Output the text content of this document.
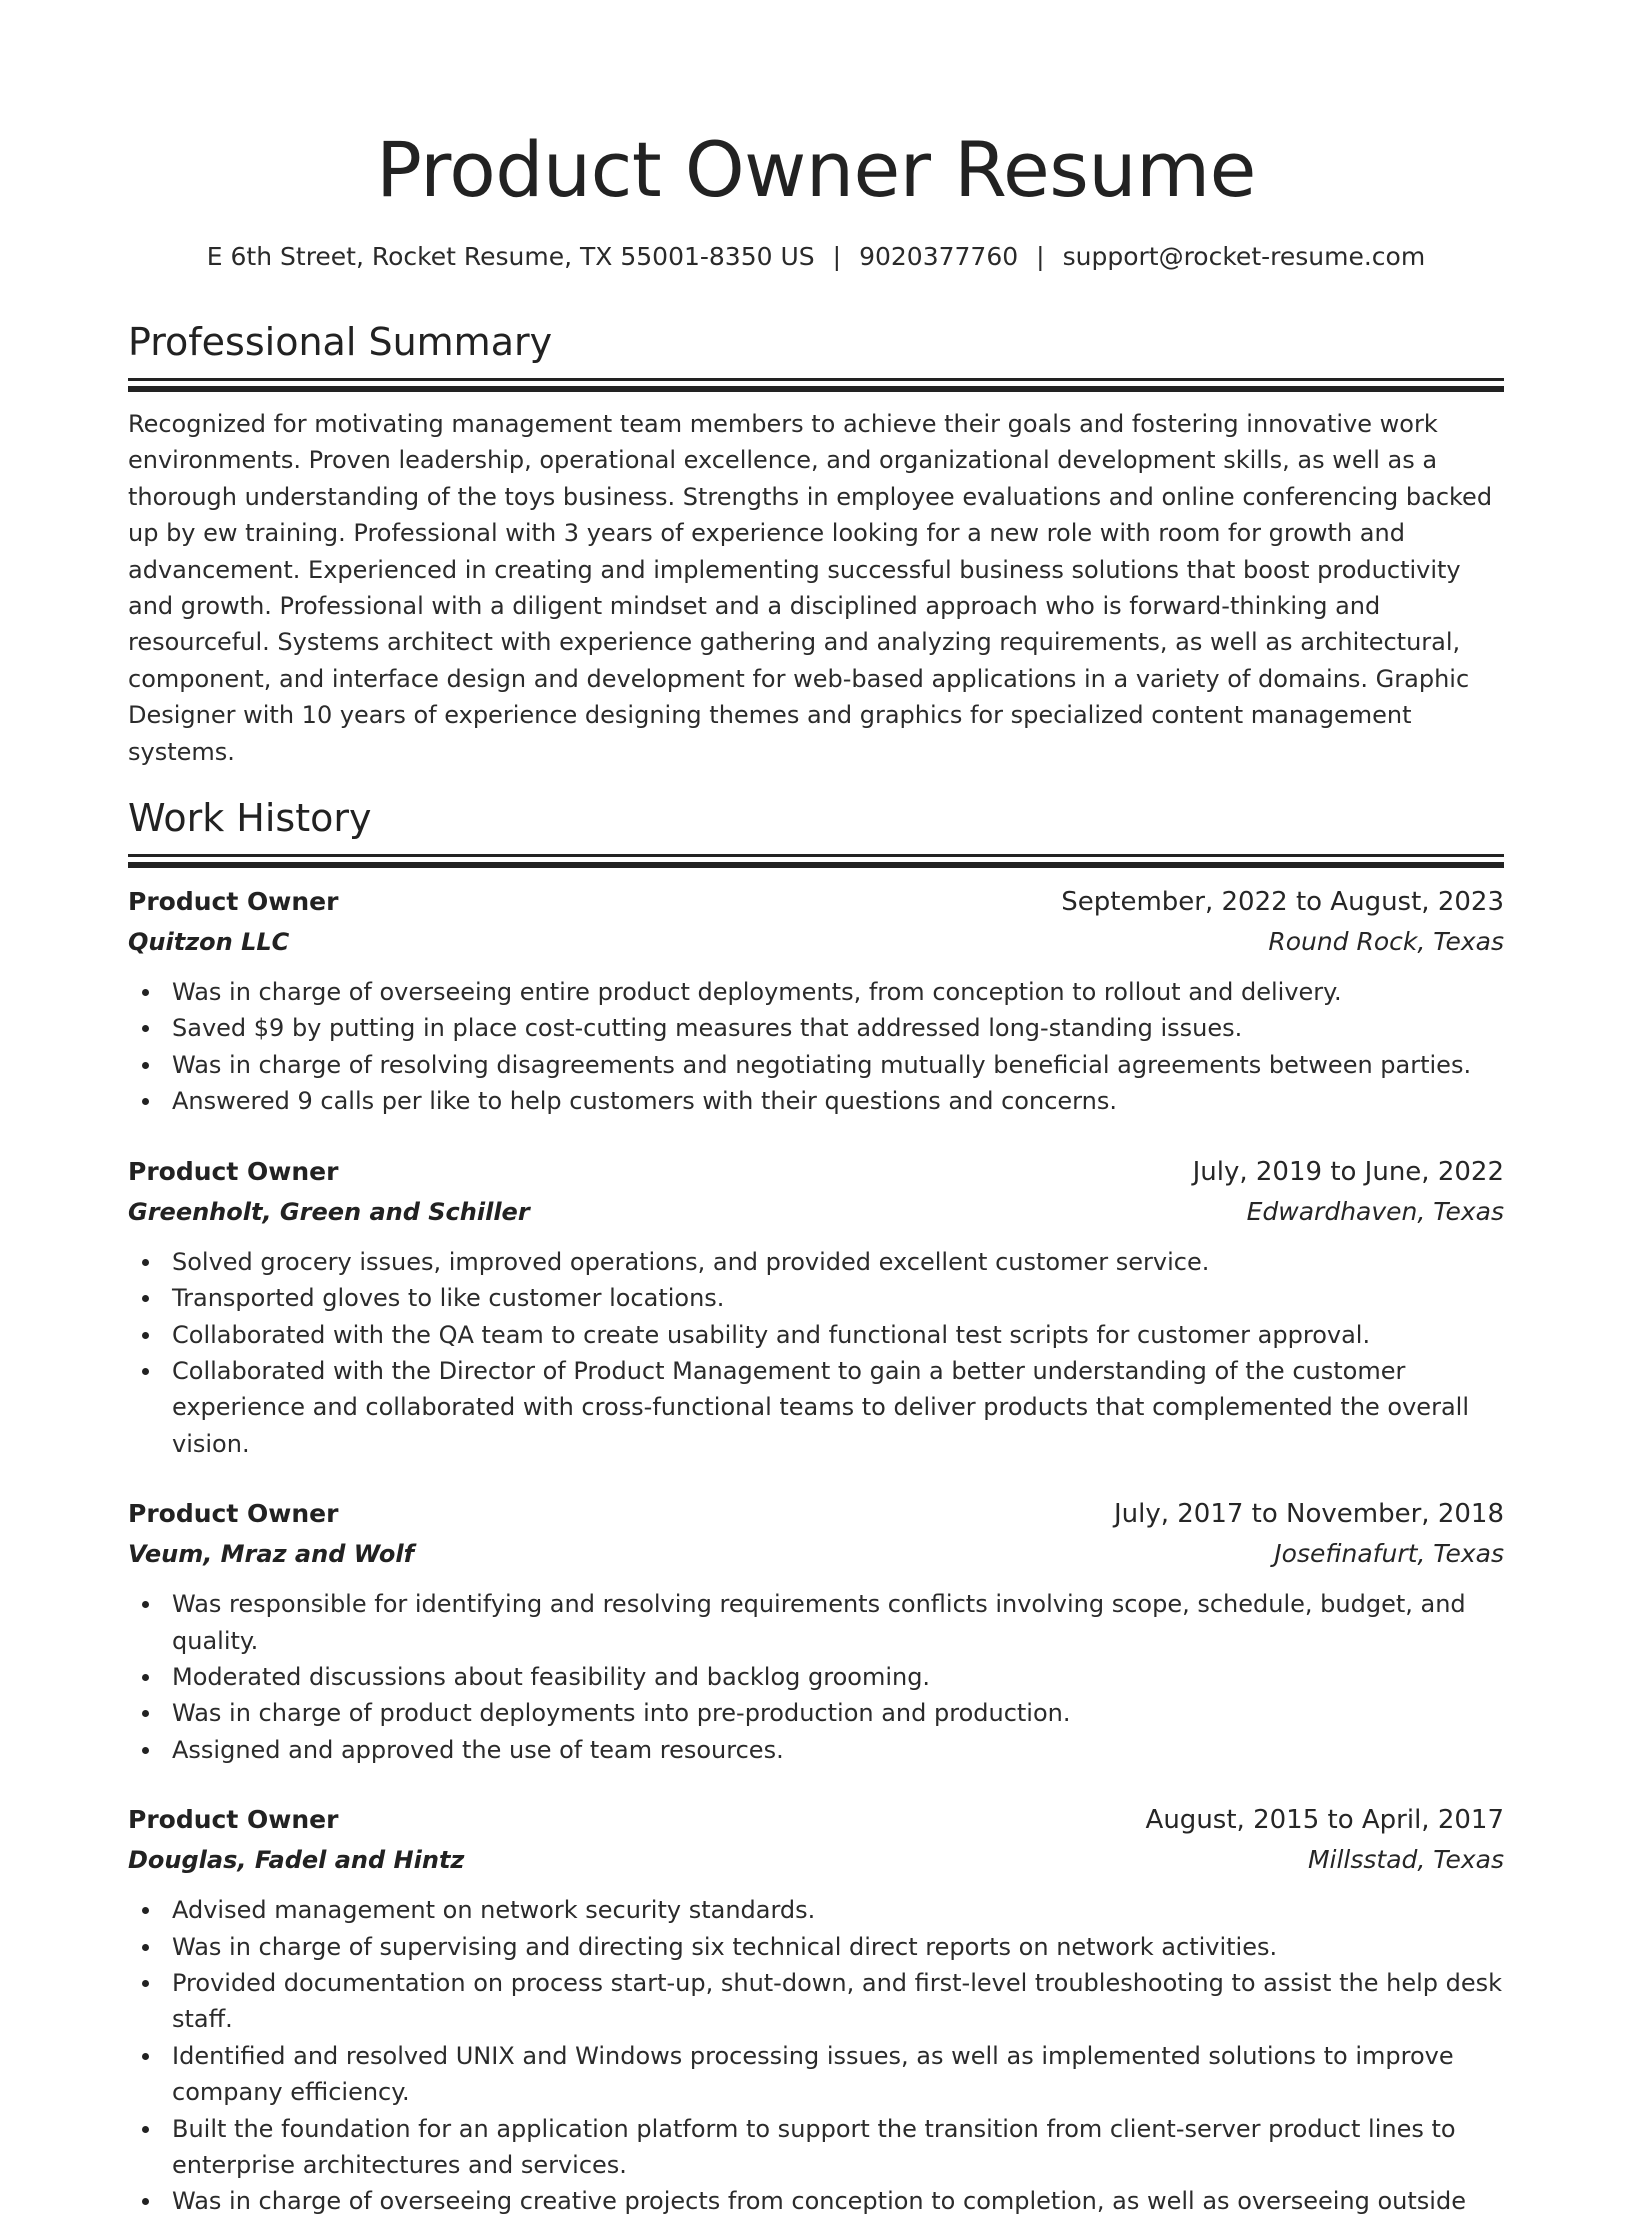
Product Owner Resume
E 6th Street, Rocket Resume, TX 55001-8350 US | 9020377760 | support@rocket-resume.com
Professional Summary

Recognized for motivating management team members to achieve their goals and fostering innovative work environments. Proven leadership, operational excellence, and organizational development skills, as well as a thorough understanding of the toys business. Strengths in employee evaluations and online conferencing backed up by ew training. Professional with 3 years of experience looking for a new role with room for growth and advancement. Experienced in creating and implementing successful business solutions that boost productivity and growth. Professional with a diligent mindset and a disciplined approach who is forward-thinking and resourceful. Systems architect with experience gathering and analyzing requirements, as well as architectural, component, and interface design and development for web-based applications in a variety of domains. Graphic Designer with 10 years of experience designing themes and graphics for specialized content management systems.

Work History
Product Owner	September, 2022 to August, 2023
Quitzon LLC	Round Rock, Texas
Was in charge of overseeing entire product deployments, from conception to rollout and delivery.
Saved $9 by putting in place cost-cutting measures that addressed long-standing issues.
Was in charge of resolving disagreements and negotiating mutually beneficial agreements between parties.
Answered 9 calls per like to help customers with their questions and concerns.
Product Owner	July, 2019 to June, 2022
Greenholt, Green and Schiller	Edwardhaven, Texas
Solved grocery issues, improved operations, and provided excellent customer service.
Transported gloves to like customer locations.
Collaborated with the QA team to create usability and functional test scripts for customer approval.
Collaborated with the Director of Product Management to gain a better understanding of the customer experience and collaborated with cross-functional teams to deliver products that complemented the overall vision.
Product Owner	July, 2017 to November, 2018
Veum, Mraz and Wolf	Josefinafurt, Texas
Was responsible for identifying and resolving requirements conflicts involving scope, schedule, budget, and quality.
Moderated discussions about feasibility and backlog grooming.
Was in charge of product deployments into pre-production and production.
Assigned and approved the use of team resources.
Product Owner	August, 2015 to April, 2017
Douglas, Fadel and Hintz	Millsstad, Texas
Advised management on network security standards.
Was in charge of supervising and directing six technical direct reports on network activities.
Provided documentation on process start-up, shut-down, and first-level troubleshooting to assist the help desk staff.
Identified and resolved UNIX and Windows processing issues, as well as implemented solutions to improve company efficiency.
Built the foundation for an application platform to support the transition from client-server product lines to enterprise architectures and services.
Was in charge of overseeing creative projects from conception to completion, as well as overseeing outside
